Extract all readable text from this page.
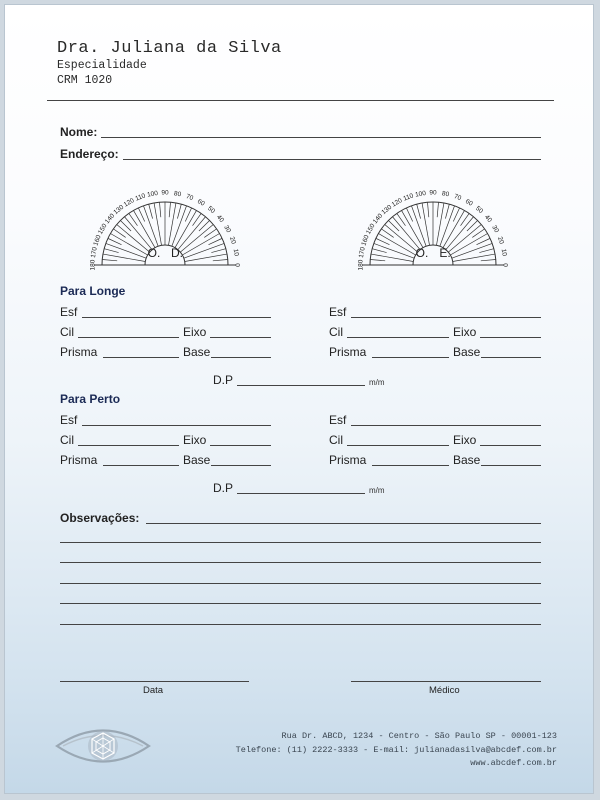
Dra. Juliana da Silva
Especialidade
CRM 1020
Nome:
Endereço:
180
170
160
150
140
130
120
110 100 90 80 70
60
50
40
30
20
10
0
O. D.
180
170
160
150
140
130
120
110 100 90 80 70
60
50
40
30
20
10
0
O. E.
Para Longe
Esf
Cil	Eixo
Prisma	Base
Esf
Cil	Eixo
Prisma	Base
D.P	m/m
Para Perto
Esf
Cil	Eixo
Prisma	Base
Esf
Cil	Eixo
Prisma	Base
D.P	m/m
Observações:
Data	Médico
Rua Dr. ABCD, 1234 - Centro - São Paulo SP - 00001-123
Telefone: (11) 2222-3333 - E-mail: julianadasilva@abcdef.com.br
www.abcdef.com.br
